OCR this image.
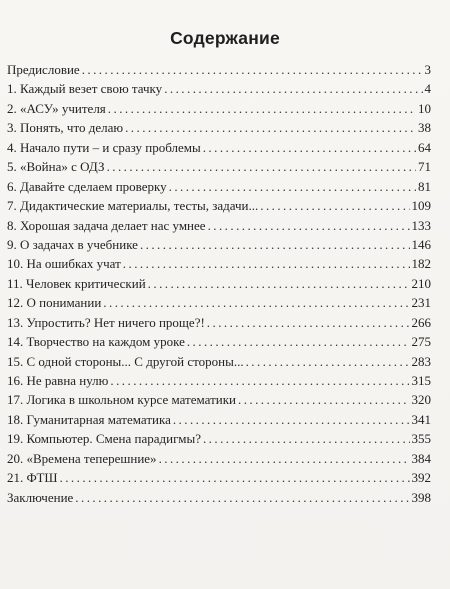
Содержание
Предисловие . . .	3
1. Каждый везет свою тачку . . .	4
2. «АСУ» учителя . . .	10
3. Понять, что делаю . . .	38
4. Начало пути – и сразу проблемы . . .	64
5. «Война» с ОДЗ . . .	71
6. Давайте сделаем проверку . . .	81
7. Дидактические материалы, тесты, задачи... . . .	109
8. Хорошая задача делает нас умнее . . .	133
9. О задачах в учебнике . . .	146
10. На ошибках учат . . .	182
11. Человек критический . . .	210
12. О понимании . . .	231
13. Упростить? Нет ничего проще?! . . .	266
14. Творчество на каждом уроке . . .	275
15. С одной стороны... С другой стороны... . . .	283
16. Не равна нулю . . .	315
17. Логика в школьном курсе математики . . .	320
18. Гуманитарная математика . . .	341
19. Компьютер. Смена парадигмы? . . .	355
20. «Времена теперешние» . . .	384
21. ФТШ . . .	392
Заключение . . .	398
